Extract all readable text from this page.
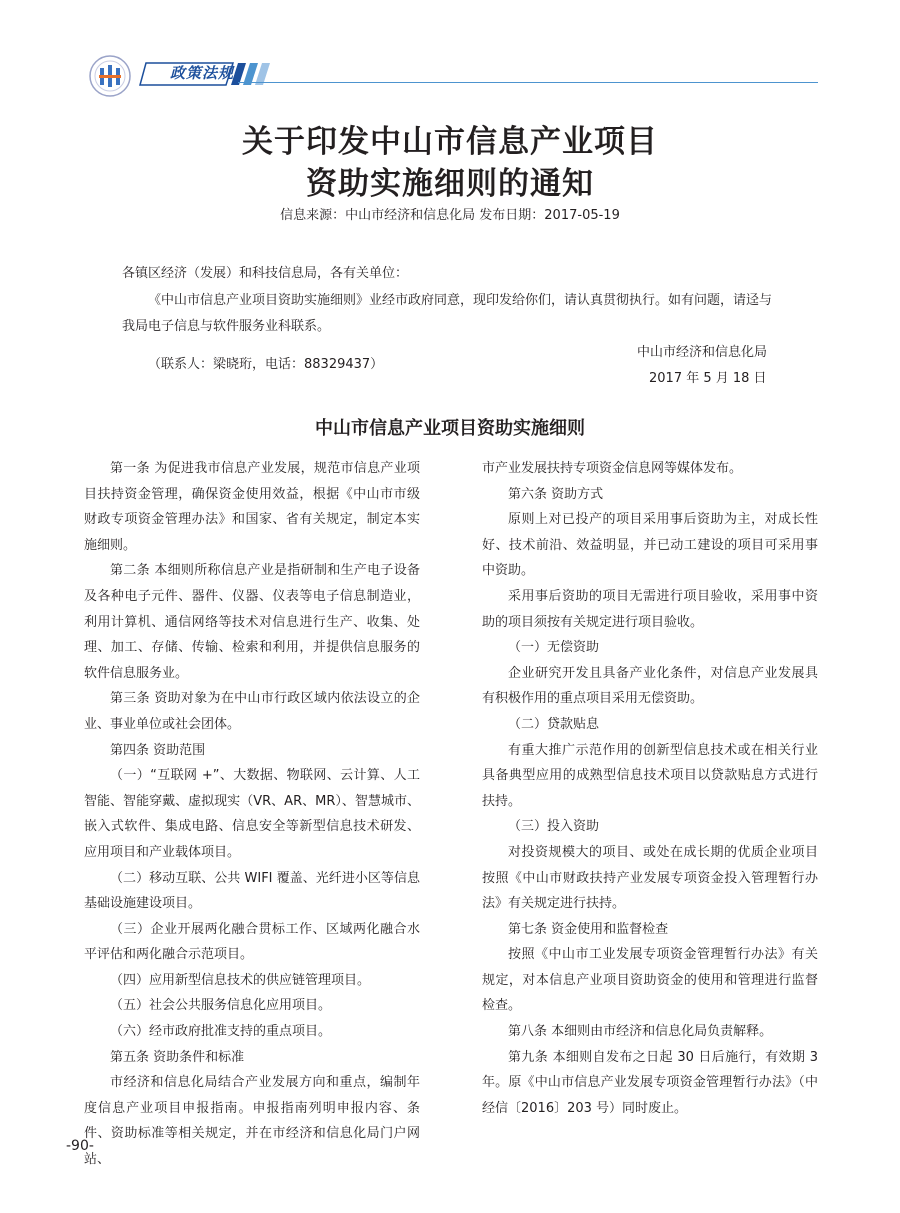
政策法规
关于印发中山市信息产业项目
资助实施细则的通知
信息来源：中山市经济和信息化局 发布日期：2017-05-19

各镇区经济（发展）和科技信息局，各有关单位：

《中山市信息产业项目资助实施细则》业经市政府同意，现印发给你们，请认真贯彻执行。如有问题，请迳与

我局电子信息与软件服务业科联系。

（联系人：梁晓珩，电话：88329437）

中山市经济和信息化局

2017 年 5 月 18 日

中山市信息产业项目资助实施细则

第一条 为促进我市信息产业发展，规范市信息产业项目扶持资金管理，确保资金使用效益，根据《中山市市级财政专项资金管理办法》和国家、省有关规定，制定本实施细则。

第二条 本细则所称信息产业是指研制和生产电子设备及各种电子元件、器件、仪器、仪表等电子信息制造业，利用计算机、通信网络等技术对信息进行生产、收集、处理、加工、存储、传输、检索和利用，并提供信息服务的软件信息服务业。

第三条 资助对象为在中山市行政区域内依法设立的企业、事业单位或社会团体。

第四条 资助范围

（一）“互联网 +”、大数据、物联网、云计算、人工智能、智能穿戴、虚拟现实（VR、AR、MR）、智慧城市、嵌入式软件、集成电路、信息安全等新型信息技术研发、应用项目和产业载体项目。

（二）移动互联、公共 WIFI 覆盖、光纤进小区等信息基础设施建设项目。

（三）企业开展两化融合贯标工作、区域两化融合水平评估和两化融合示范项目。

（四）应用新型信息技术的供应链管理项目。

（五）社会公共服务信息化应用项目。

（六）经市政府批准支持的重点项目。

第五条 资助条件和标准

市经济和信息化局结合产业发展方向和重点，编制年度信息产业项目申报指南。申报指南列明申报内容、条件、资助标准等相关规定，并在市经济和信息化局门户网站、

市产业发展扶持专项资金信息网等媒体发布。

第六条 资助方式

原则上对已投产的项目采用事后资助为主，对成长性好、技术前沿、效益明显，并已动工建设的项目可采用事中资助。

采用事后资助的项目无需进行项目验收，采用事中资助的项目须按有关规定进行项目验收。

（一）无偿资助

企业研究开发且具备产业化条件，对信息产业发展具有积极作用的重点项目采用无偿资助。

（二）贷款贴息

有重大推广示范作用的创新型信息技术或在相关行业具备典型应用的成熟型信息技术项目以贷款贴息方式进行扶持。

（三）投入资助

对投资规模大的项目、或处在成长期的优质企业项目按照《中山市财政扶持产业发展专项资金投入管理暂行办法》有关规定进行扶持。

第七条 资金使用和监督检查

按照《中山市工业发展专项资金管理暂行办法》有关规定，对本信息产业项目资助资金的使用和管理进行监督检查。

第八条 本细则由市经济和信息化局负责解释。

第九条 本细则自发布之日起 30 日后施行，有效期 3 年。原《中山市信息产业发展专项资金管理暂行办法》（中经信〔2016〕203 号）同时废止。

-90-
